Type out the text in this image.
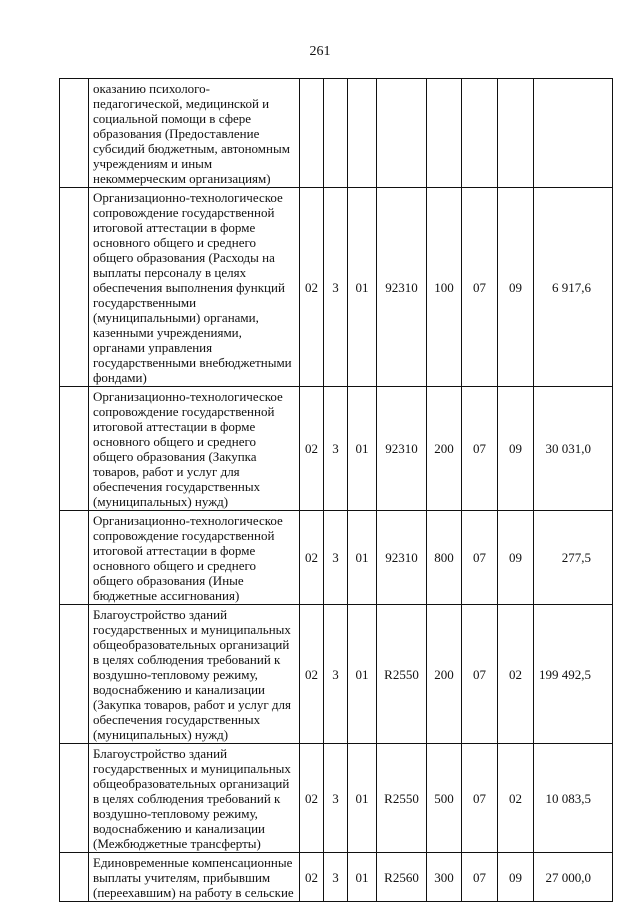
261
	оказанию психолого-педагогической, медицинской и социальной помощи в сфере образования (Предоставление субсидий бюджетным, автономным учреждениям и иным некоммерческим организациям)								
	Организационно-технологическое сопровождение государственной итоговой аттестации в форме основного общего и среднего общего образования (Расходы на выплаты персоналу в целях обеспечения выполнения функций государственными (муниципальными) органами, казенными учреждениями, органами управления государственными внебюджетными фондами)	02	3	01	92310	100	07	09	6 917,6
	Организационно-технологическое сопровождение государственной итоговой аттестации в форме основного общего и среднего общего образования (Закупка товаров, работ и услуг для обеспечения государственных (муниципальных) нужд)	02	3	01	92310	200	07	09	30 031,0
	Организационно-технологическое сопровождение государственной итоговой аттестации в форме основного общего и среднего общего образования (Иные бюджетные ассигнования)	02	3	01	92310	800	07	09	277,5
	Благоустройство зданий государственных и муниципальных общеобразовательных организаций в целях соблюдения требований к воздушно-тепловому режиму, водоснабжению и канализации (Закупка товаров, работ и услуг для обеспечения государственных (муниципальных) нужд)	02	3	01	R2550	200	07	02	199 492,5
	Благоустройство зданий государственных и муниципальных общеобразовательных организаций в целях соблюдения требований к воздушно-тепловому режиму, водоснабжению и канализации (Межбюджетные трансферты)	02	3	01	R2550	500	07	02	10 083,5
	Единовременные компенсационные выплаты учителям, прибывшим (переехавшим) на работу в сельские	02	3	01	R2560	300	07	09	27 000,0
